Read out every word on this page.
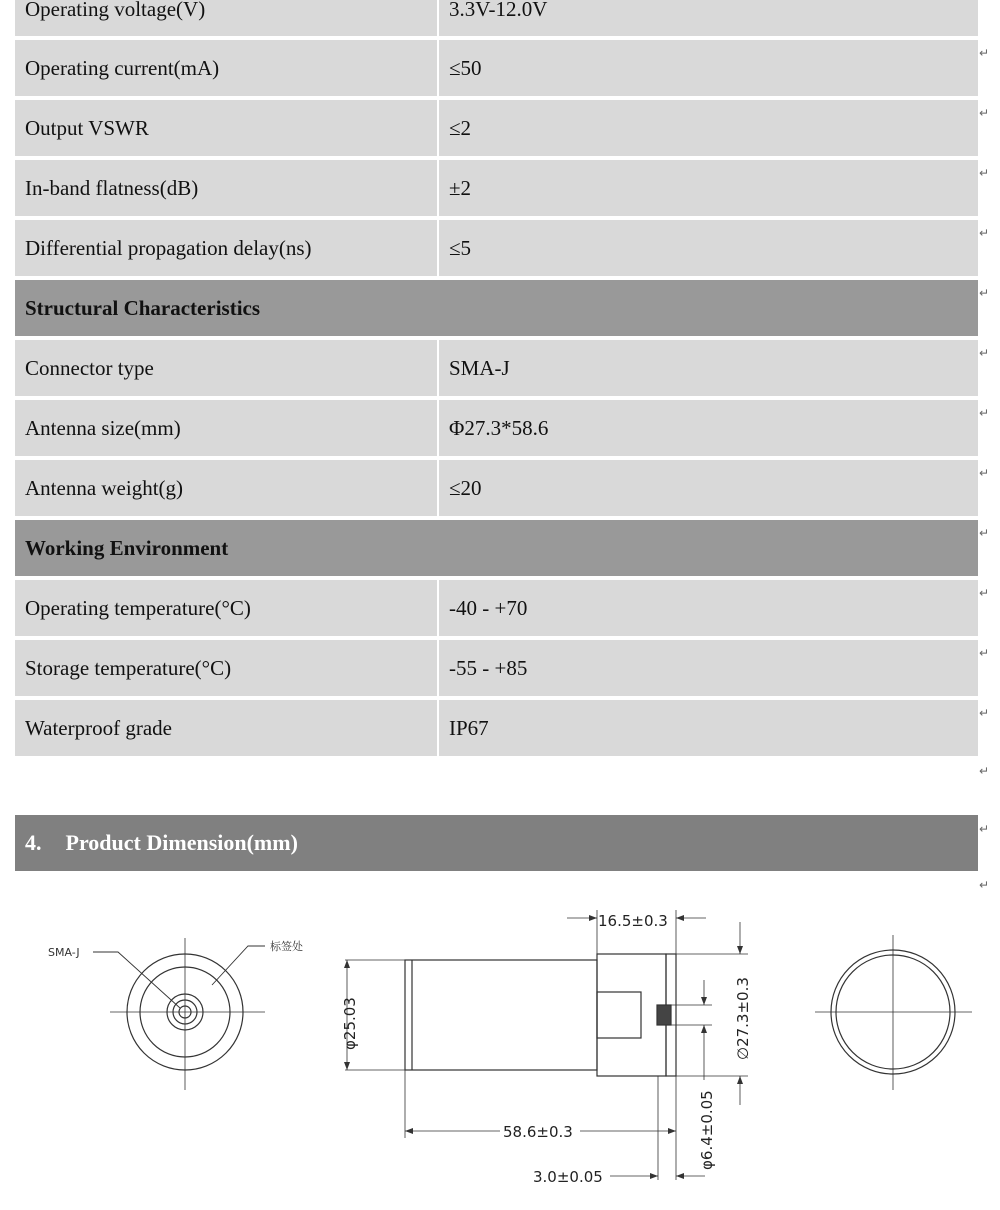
Operating voltage(V)	3.3V-12.0V
Operating current(mA)	≤50
Output VSWR	≤2
In-band flatness(dB)	±2
Differential propagation delay(ns)	≤5
Structural Characteristics
Connector type	SMA-J
Antenna size(mm)	Φ27.3*58.6
Antenna weight(g)	≤20
Working Environment
Operating temperature(°C)	-40 - +70
Storage temperature(°C)	-55 - +85
Waterproof grade	IP67
↵
↵
↵
↵
↵
↵
↵
↵
↵
↵
↵
↵
↵
↵
↵
4. Product Dimension(mm)
SMA-J	标签处
16.5±0.3
φ25.03	∅27.3±0.3
φ6.4±0.05
58.6±0.3
3.0±0.05
